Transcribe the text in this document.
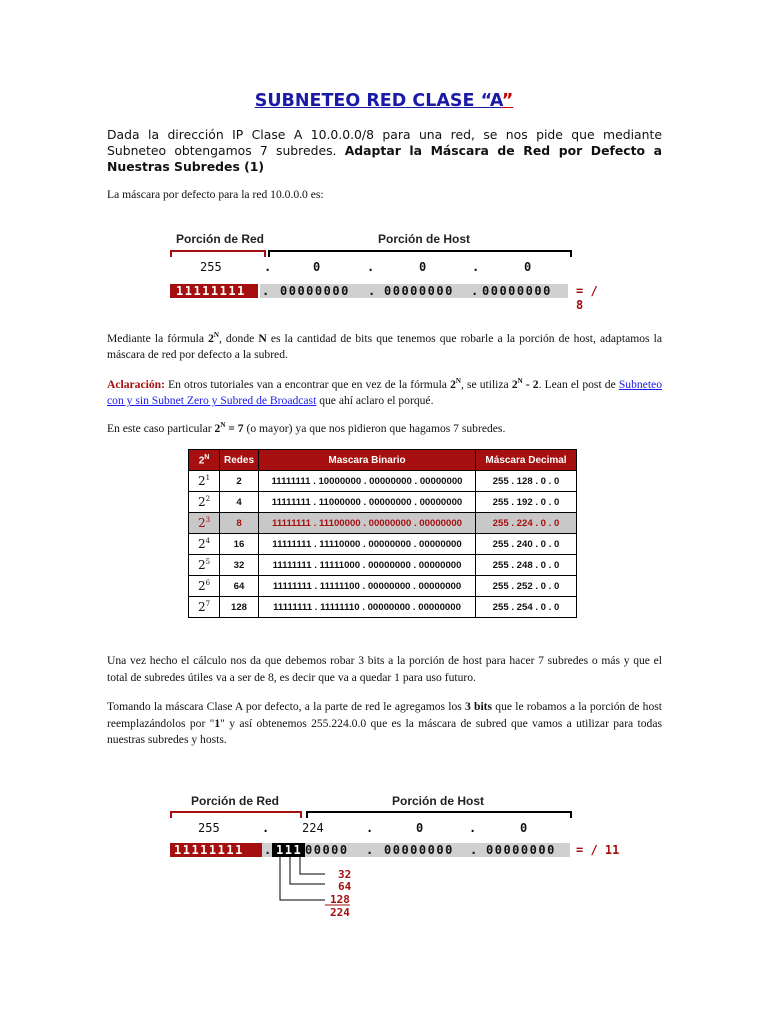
SUBNETEO RED CLASE “A”
Dada la dirección IP Clase A 10.0.0.0/8 para una red, se nos pide que mediante Subneteo obtengamos 7 subredes. Adaptar la Máscara de Red por Defecto a Nuestras Subredes (1)
La máscara por defecto para la red 10.0.0.0 es:
Porción de Red	Porción de Host
255	.	0	.	0	.	0
11111111 . 00000000 . 00000000 . 00000000 = / 8
Mediante la fórmula $2^N$, donde N es la cantidad de bits que tenemos que robarle a la porción de host, adaptamos la máscara de red por defecto a la subred.
Aclaración: En otros tutoriales van a encontrar que en vez de la fórmula $2^N$, se utiliza $2^N - 2$. Lean el post de Subneteo con y sin Subnet Zero y Subred de Broadcast que ahí aclaro el porqué.
En este caso particular $2^N = 7$ (o mayor) ya que nos pidieron que hagamos 7 subredes.
$2^N$	Redes	Mascara Binario	Máscara Decimal
$2^1$	2	11111111 . 10000000 . 00000000 . 00000000	255 . 128 . 0 . 0
$2^2$	4	11111111 . 11000000 . 00000000 . 00000000	255 . 192 . 0 . 0
$2^3$	8	11111111 . 11100000 . 00000000 . 00000000	255 . 224 . 0 . 0
$2^4$	16	11111111 . 11110000 . 00000000 . 00000000	255 . 240 . 0 . 0
$2^5$	32	11111111 . 11111000 . 00000000 . 00000000	255 . 248 . 0 . 0
$2^6$	64	11111111 . 11111100 . 00000000 . 00000000	255 . 252 . 0 . 0
$2^7$	128	11111111 . 11111110 . 00000000 . 00000000	255 . 254 . 0 . 0
Una vez hecho el cálculo nos da que debemos robar 3 bits a la porción de host para hacer 7 subredes o más y que el total de subredes útiles va a ser de 8, es decir que va a quedar 1 para uso futuro.
Tomando la máscara Clase A por defecto, a la parte de red le agregamos los 3 bits que le robamos a la porción de host reemplazándolos por "1" y así obtenemos 255.224.0.0 que es la máscara de subred que vamos a utilizar para todas nuestras subredes y hosts.
Porción de Red	Porción de Host
255	.	224	.	0	.	0
11111111 . 111 00000 . 00000000 . 00000000 = / 11
32
64
128
224
